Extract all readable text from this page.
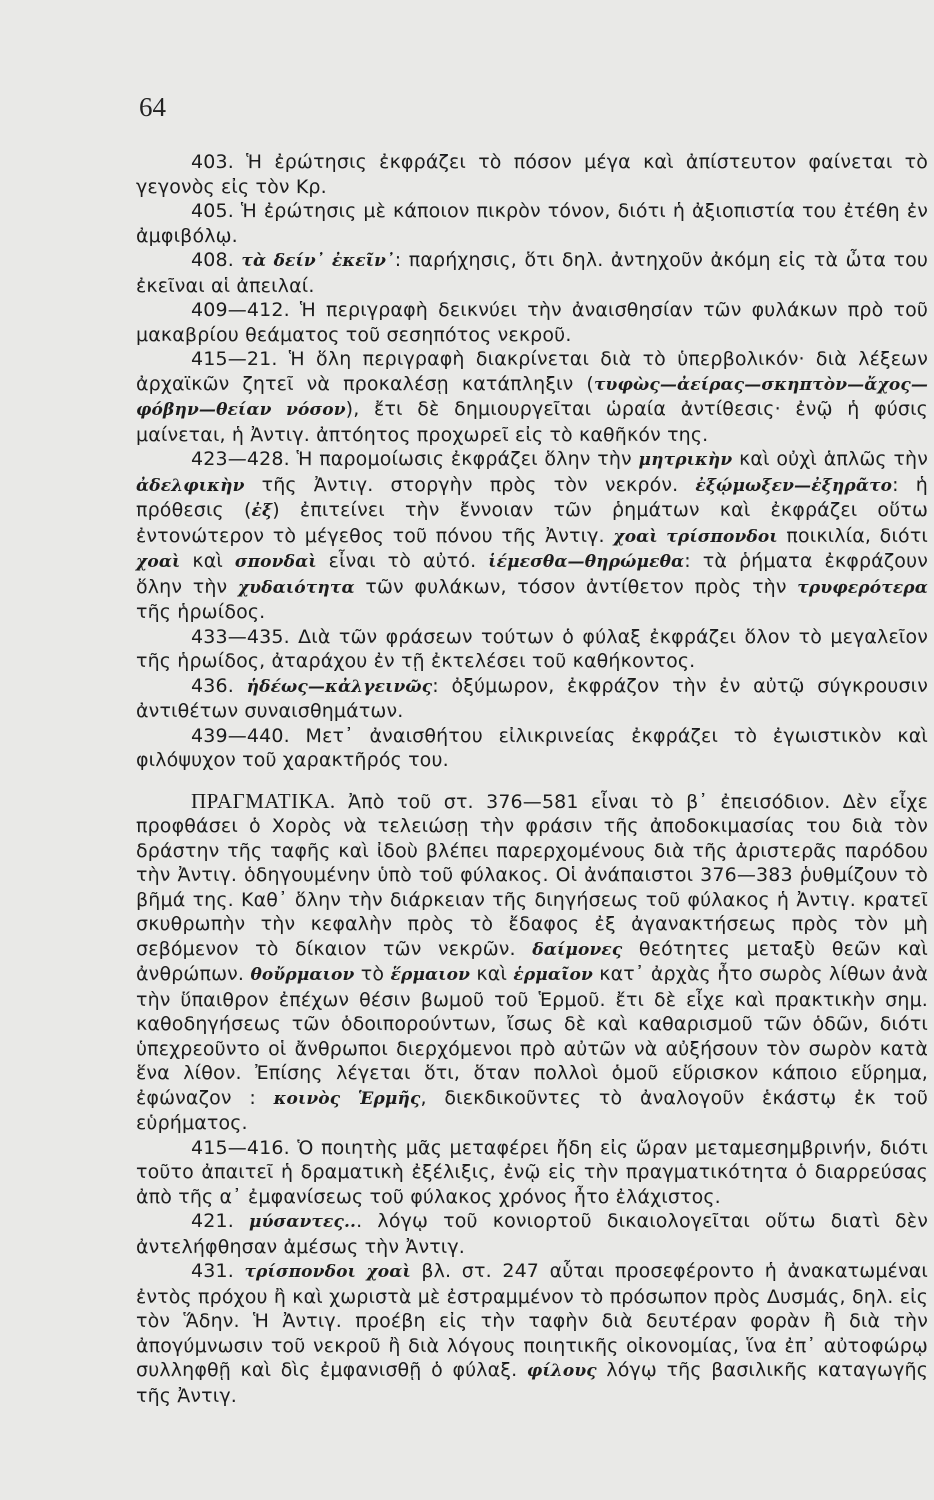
64

403. Ἡ ἐρώτησις ἐκφράζει τὸ πόσον μέγα καὶ ἀπίστευτον φαίνεται τὸ γεγονὸς εἰς τὸν Κρ.

405. Ἡ ἐρώτησις μὲ κάποιον πικρὸν τόνον, διότι ἡ ἀξιοπιστία του ἐτέθη ἐν ἀμφιβόλῳ.

408. τὰ δείν᾽ ἐκεῖν᾽: παρήχησις, ὅτι δηλ. ἀντηχοῦν ἀκόμη εἰς τὰ ὦτα του ἐκεῖναι αἱ ἀπειλαί.

409—412. Ἡ περιγραφὴ δεικνύει τὴν ἀναισθησίαν τῶν φυλάκων πρὸ τοῦ μακαβρίου θεάματος τοῦ σεσηπότος νεκροῦ.

415—21. Ἡ ὅλη περιγραφὴ διακρίνεται διὰ τὸ ὑπερβολικόν· διὰ λέξεων ἀρχαϊκῶν ζητεῖ νὰ προκαλέσῃ κατάπληξιν (τυφὼς—ἀείρας—σκηπτὸν—ἄχος—φόβην—θείαν νόσον), ἔτι δὲ δημιουργεῖται ὡραία ἀντίθεσις· ἐνῷ ἡ φύσις μαίνεται, ἡ Ἀντιγ. ἀπτόητος προχωρεῖ εἰς τὸ καθῆκόν της.

423—428. Ἡ παρομοίωσις ἐκφράζει ὅλην τὴν μητρικὴν καὶ οὐχὶ ἁπλῶς τὴν ἀδελφικὴν τῆς Ἀντιγ. στοργὴν πρὸς τὸν νεκρόν. ἐξῴμωξεν—ἐξηρᾶτο: ἡ πρόθεσις (ἐξ) ἐπιτείνει τὴν ἔννοιαν τῶν ῥημάτων καὶ ἐκφράζει οὕτω ἐντονώτερον τὸ μέγεθος τοῦ πόνου τῆς Ἀντιγ. χοαὶ τρίσπονδοι ποικιλία, διότι χοαὶ καὶ σπονδαὶ εἶναι τὸ αὐτό. ἱέμεσθα—θηρώμεθα: τὰ ῥήματα ἐκφράζουν ὅλην τὴν χυδαιότητα τῶν φυλάκων, τόσον ἀντίθετον πρὸς τὴν τρυφερότερα τῆς ἡρωίδος.

433—435. Διὰ τῶν φράσεων τούτων ὁ φύλαξ ἐκφράζει ὅλον τὸ μεγαλεῖον τῆς ἡρωίδος, ἀταράχου ἐν τῇ ἐκτελέσει τοῦ καθήκοντος.

436. ἡδέως—κἀλγεινῶς: ὀξύμωρον, ἐκφράζον τὴν ἐν αὐτῷ σύγκρουσιν ἀντιθέτων συναισθημάτων.

439—440. Μετ᾽ ἀναισθήτου εἰλικρινείας ἐκφράζει τὸ ἐγωιστικὸν καὶ φιλόψυχον τοῦ χαρακτῆρός του.

ΠΡΑΓΜΑΤΙΚΑ. Ἀπὸ τοῦ στ. 376—581 εἶναι τὸ β᾽ ἐπεισόδιον. Δὲν εἶχε προφθάσει ὁ Χορὸς νὰ τελειώσῃ τὴν φράσιν τῆς ἀποδοκιμασίας του διὰ τὸν δράστην τῆς ταφῆς καὶ ἰδοὺ βλέπει παρερχομένους διὰ τῆς ἀριστερᾶς παρόδου τὴν Ἀντιγ. ὁδηγουμένην ὑπὸ τοῦ φύλακος. Οἱ ἀνάπαιστοι 376—383 ῥυθμίζουν τὸ βῆμά της. Καθ᾽ ὅλην τὴν διάρκειαν τῆς διηγήσεως τοῦ φύλακος ἡ Ἀντιγ. κρατεῖ σκυθρωπὴν τὴν κεφαλὴν πρὸς τὸ ἔδαφος ἐξ ἀγανακτήσεως πρὸς τὸν μὴ σεβόμενον τὸ δίκαιον τῶν νεκρῶν. δαίμονες θεότητες μεταξὺ θεῶν καὶ ἀνθρώπων. θοὔρμαιον τὸ ἕρμαιον καὶ ἑρμαῖον κατ᾽ ἀρχὰς ἦτο σωρὸς λίθων ἀνὰ τὴν ὕπαιθρον ἐπέχων θέσιν βωμοῦ τοῦ Ἑρμοῦ. ἔτι δὲ εἶχε καὶ πρακτικὴν σημ. καθοδηγήσεως τῶν ὁδοιπορούντων, ἴσως δὲ καὶ καθαρισμοῦ τῶν ὁδῶν, διότι ὑπεχρεοῦντο οἱ ἄνθρωποι διερχόμενοι πρὸ αὐτῶν νὰ αὐξήσουν τὸν σωρὸν κατὰ ἕνα λίθον. Ἐπίσης λέγεται ὅτι, ὅταν πολλοὶ ὁμοῦ εὕρισκον κάποιο εὕρημα, ἐφώναζον : κοινὸς Ἑρμῆς, διεκδικοῦντες τὸ ἀναλογοῦν ἑκάστῳ ἐκ τοῦ εὑρήματος.

415—416. Ὁ ποιητὴς μᾶς μεταφέρει ἤδη εἰς ὥραν μεταμεσημβρινήν, διότι τοῦτο ἀπαιτεῖ ἡ δραματικὴ ἐξέλιξις, ἐνῷ εἰς τὴν πραγματικότητα ὁ διαρρεύσας ἀπὸ τῆς α᾽ ἐμφανίσεως τοῦ φύλακος χρόνος ἦτο ἐλάχιστος.

421. μύσαντες... λόγῳ τοῦ κονιορτοῦ δικαιολογεῖται οὕτω διατὶ δὲν ἀντελήφθησαν ἀμέσως τὴν Ἀντιγ.

431. τρίσπονδοι χοαὶ βλ. στ. 247 αὗται προσεφέροντο ἡ ἀνακατωμέναι ἐντὸς πρόχου ἢ καὶ χωριστὰ μὲ ἐστραμμένον τὸ πρόσωπον πρὸς Δυσμάς, δηλ. εἰς τὸν Ἅδην. Ἡ Ἀντιγ. προέβη εἰς τὴν ταφὴν διὰ δευτέραν φορὰν ἢ διὰ τὴν ἀπογύμνωσιν τοῦ νεκροῦ ἢ διὰ λόγους ποιητικῆς οἰκονομίας, ἵνα ἐπ᾽ αὐτοφώρῳ συλληφθῇ καὶ δὶς ἐμφανισθῇ ὁ φύλαξ. φίλους λόγῳ τῆς βασιλικῆς καταγωγῆς τῆς Ἀντιγ.
